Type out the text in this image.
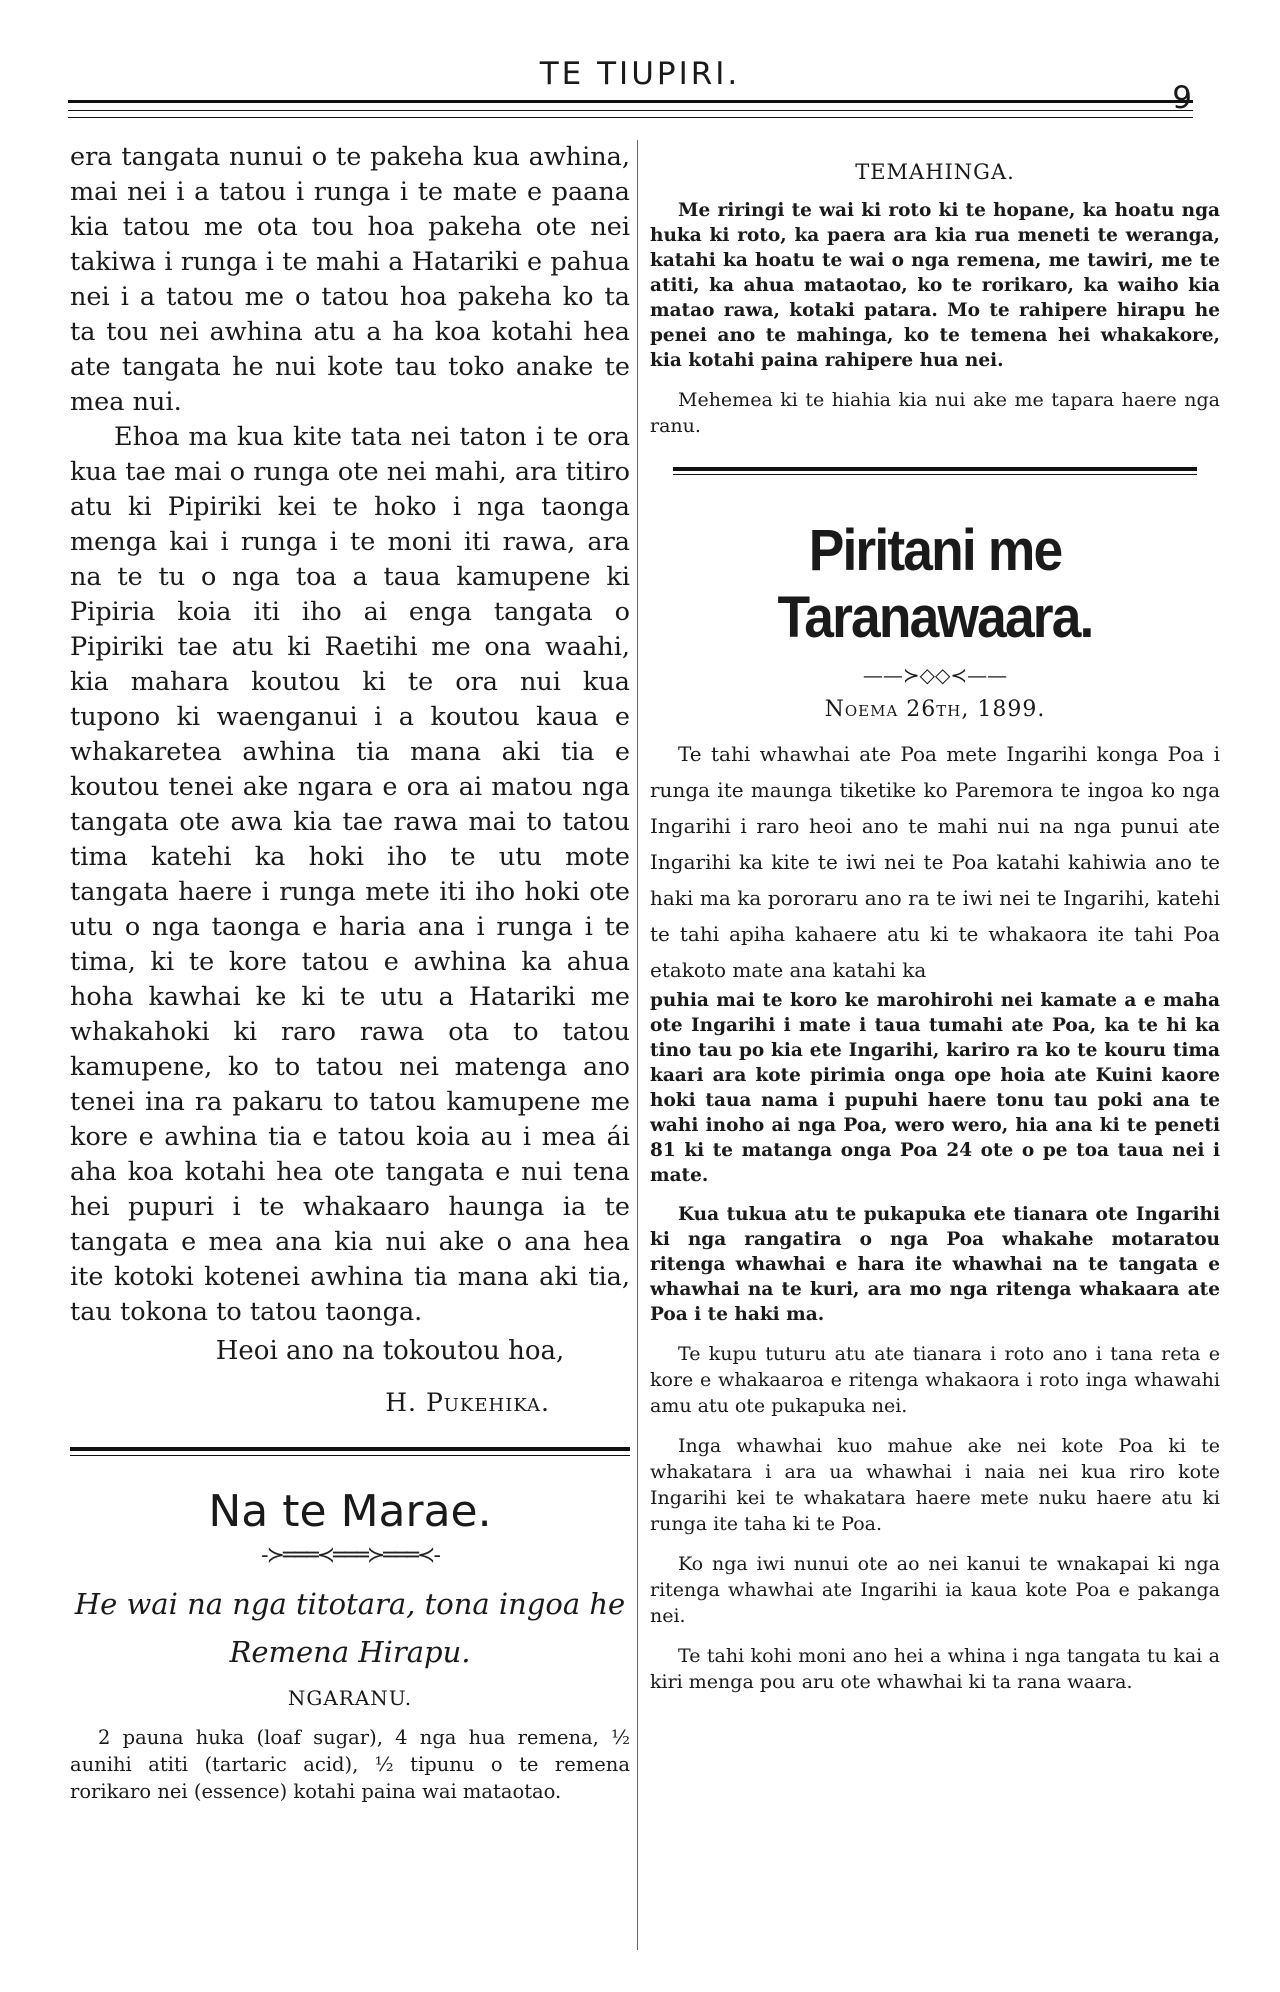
TE TIUPIRI.
9

era tangata nunui o te pakeha kua awhina, mai nei i a tatou i runga i te mate e paana kia tatou me ota tou hoa pakeha ote nei takiwa i runga i te mahi a Hatariki e pahua nei i a tatou me o tatou hoa pakeha ko ta ta tou nei awhina atu a ha koa kotahi hea ate tangata he nui kote tau toko anake te mea nui.

Ehoa ma kua kite tata nei taton i te ora kua tae mai o runga ote nei mahi, ara titiro atu ki Pipiriki kei te hoko i nga taonga menga kai i runga i te moni iti rawa, ara na te tu o nga toa a taua kamupene ki Pipiria koia iti iho ai enga tangata o Pipiriki tae atu ki Raetihi me ona waahi, kia mahara koutou ki te ora nui kua tupono ki waenganui i a koutou kaua e whakaretea awhina tia mana aki tia e koutou tenei ake ngara e ora ai matou nga tangata ote awa kia tae rawa mai to tatou tima katehi ka hoki iho te utu mote tangata haere i runga mete iti iho hoki ote utu o nga taonga e haria ana i runga i te tima, ki te kore tatou e awhina ka ahua hoha kawhai ke ki te utu a Hatariki me whakahoki ki raro rawa ota to tatou kamupene, ko to tatou nei matenga ano tenei ina ra pakaru to tatou kamupene me kore e awhina tia e tatou koia au i mea ái aha koa kotahi hea ote tangata e nui tena hei pupuri i te whakaaro haunga ia te tangata e mea ana kia nui ake o ana hea ite kotoki kotenei awhina tia mana aki tia, tau tokona to tatou taonga.

Heoi ano na tokoutou hoa,
H. Pukehika.
Na te Marae.
-≻═══≺═══≻═══≺-
He wai na nga titotara, tona ingoa he Remena Hirapu.
NGARANU.
2 pauna huka (loaf sugar), 4 nga hua remena, ½ aunihi atiti (tartaric acid), ½ tipunu o te remena rorikaro nei (essence) kotahi paina wai mataotao.
TEMAHINGA.

Me riringi te wai ki roto ki te hopane, ka hoatu nga huka ki roto, ka paera ara kia rua meneti te weranga, katahi ka hoatu te wai o nga remena, me tawiri, me te atiti, ka ahua mataotao, ko te rorikaro, ka waiho kia matao rawa, kotaki patara. Mo te rahipere hirapu he penei ano te mahinga, ko te temena hei whakakore, kia kotahi paina rahipere hua nei.

Mehemea ki te hiahia kia nui ake me tapara haere nga ranu.

Piritani me Taranawaara.
——≻◇◇≺——
Noema 26th, 1899.

Te tahi whawhai ate Poa mete Ingarihi konga Poa i runga ite maunga tiketike ko Paremora te ingoa ko nga Ingarihi i raro heoi ano te mahi nui na nga punui ate Ingarihi ka kite te iwi nei te Poa katahi kahiwia ano te haki ma ka pororaru ano ra te iwi nei te Ingarihi, katehi te tahi apiha kahaere atu ki te whakaora ite tahi Poa etakoto mate ana katahi ka

puhia mai te koro ke marohirohi nei kamate a e maha ote Ingarihi i mate i taua tumahi ate Poa, ka te hi ka tino tau po kia ete Ingarihi, kariro ra ko te kouru tima kaari ara kote pirimia onga ope hoia ate Kuini kaore hoki taua nama i pupuhi haere tonu tau poki ana te wahi inoho ai nga Poa, wero wero, hia ana ki te peneti 81 ki te matanga onga Poa 24 ote o pe toa taua nei i mate.

Kua tukua atu te pukapuka ete tianara ote Ingarihi ki nga rangatira o nga Poa whakahe motaratou ritenga whawhai e hara ite whawhai na te tangata e whawhai na te kuri, ara mo nga ritenga whakaara ate Poa i te haki ma.

Te kupu tuturu atu ate tianara i roto ano i tana reta e kore e whakaaroa e ritenga whakaora i roto inga whawahi amu atu ote pukapuka nei.

Inga whawhai kuo mahue ake nei kote Poa ki te whakatara i ara ua whawhai i naia nei kua riro kote Ingarihi kei te whakatara haere mete nuku haere atu ki runga ite taha ki te Poa.

Ko nga iwi nunui ote ao nei kanui te wnakapai ki nga ritenga whawhai ate Ingarihi ia kaua kote Poa e pakanga nei.

Te tahi kohi moni ano hei a whina i nga tangata tu kai a kiri menga pou aru ote whawhai ki ta rana waara.
